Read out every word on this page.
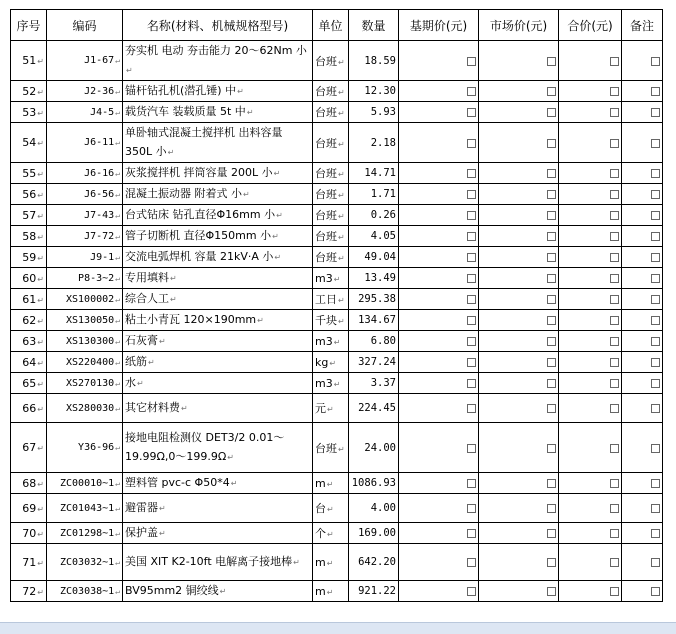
序号	编码	名称(材料、机械规格型号)	单位	数量	基期价(元)	市场价(元)	合价(元)	备注
51↵	J1-67↵	夯实机 电动 夯击能力 20～62Nm 小↵	台班↵	18.59				
52↵	J2-36↵	锚杆钻孔机(潜孔锤) 中↵	台班↵	12.30				
53↵	J4-5↵	载货汽车 装载质量 5t 中↵	台班↵	5.93				
54↵	J6-11↵	单卧轴式混凝土搅拌机 出料容量 350L 小↵	台班↵	2.18				
55↵	J6-16↵	灰浆搅拌机 拌筒容量 200L 小↵	台班↵	14.71				
56↵	J6-56↵	混凝土振动器 附着式 小↵	台班↵	1.71				
57↵	J7-43↵	台式钻床 钻孔直径Φ16mm 小↵	台班↵	0.26				
58↵	J7-72↵	管子切断机 直径Φ150mm 小↵	台班↵	4.05				
59↵	J9-1↵	交流电弧焊机 容量 21kV·A 小↵	台班↵	49.04				
60↵	P8-3~2↵	专用填料↵	m3↵	13.49				
61↵	XS100002↵	综合人工↵	工日↵	295.38				
62↵	XS130050↵	粘土小青瓦 120×190mm↵	千块↵	134.67				
63↵	XS130300↵	石灰膏↵	m3↵	6.80				
64↵	XS220400↵	纸筋↵	kg↵	327.24				
65↵	XS270130↵	水↵	m3↵	3.37				
66↵	XS280030↵	其它材料费↵	元↵	224.45				
67↵	Y36-96↵	接地电阻检测仪 DET3/2 0.01～19.99Ω,0～199.9Ω↵	台班↵	24.00				
68↵	ZC00010~1↵	塑料管 pvc-c Φ50*4↵	m↵	1086.93				
69↵	ZC01043~1↵	避雷器↵	台↵	4.00				
70↵	ZC01298~1↵	保护盖↵	个↵	169.00				
71↵	ZC03032~1↵	美国 XIT K2-10ft 电解离子接地棒↵	m↵	642.20				
72↵	ZC03038~1↵	BV95mm2 铜绞线↵	m↵	921.22				
